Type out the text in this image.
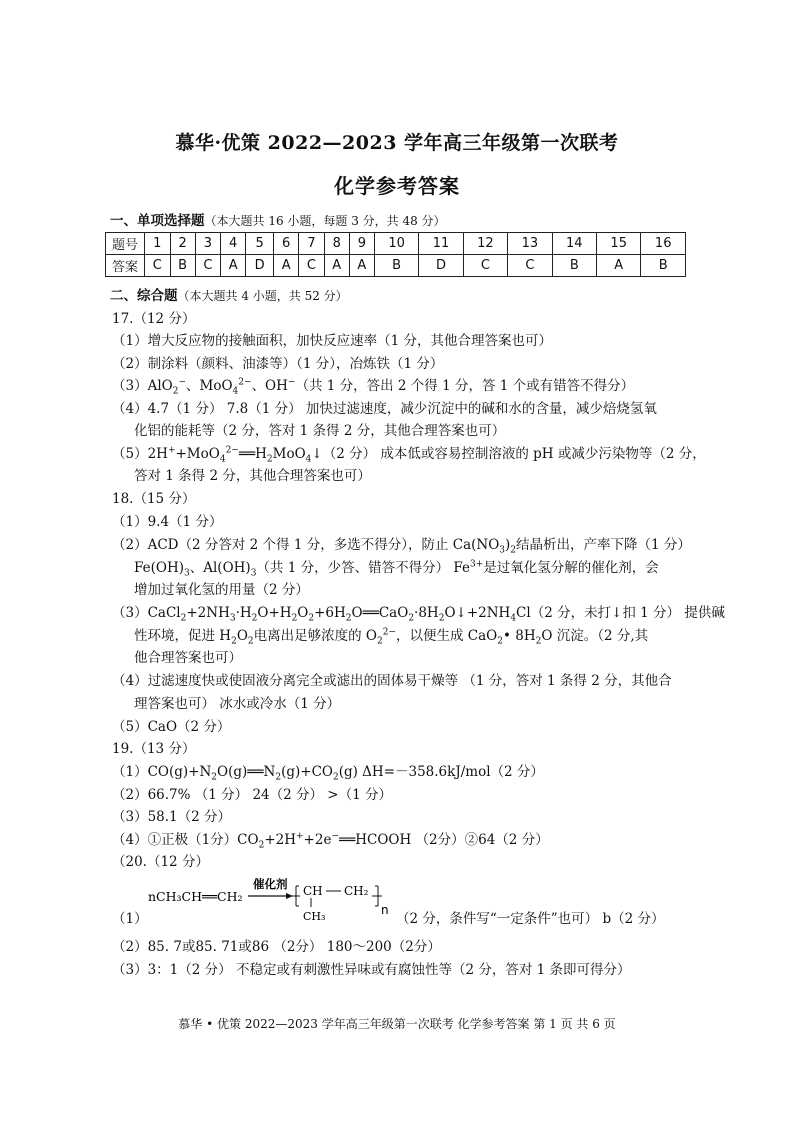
慕华·优策 2022—2023 学年高三年级第一次联考
化学参考答案
一、单项选择题（本大题共 16 小题，每题 3 分，共 48 分）
题号	1	2	3	4	5	6	7	8	9	10	11	12	13	14	15	16
答案	C	B	C	A	D	A	C	A	A	B	D	C	C	B	A	B
二、综合题（本大题共 4 小题，共 52 分）
17.（12 分）
（1）增大反应物的接触面积，加快反应速率（1 分，其他合理答案也可）
（2）制涂料（颜料、油漆等）（1 分），冶炼铁（1 分）
（3）AlO$_2$−、MoO$_4^{2-}$、OH−（共 1 分，答出 2 个得 1 分，答 1 个或有错答不得分）
（4）4.7（1 分） 7.8（1 分） 加快过滤速度，减少沉淀中的碱和水的含量，减少焙烧氢氧
化铝的能耗等（2 分，答对 1 条得 2 分，其他合理答案也可）
$(5)2H^++MoO_4^{2-}══H_2MoO_4↓(2$ 分） 成本低或容易控制溶液的 pH 或减少污染物等（2 分，
答对 1 条得 2 分，其他合理答案也可）
18.（15 分）
（1）9.4（1 分）
（2）ACD（2 分答对 2 个得 1 分，多选不得分），防止 $Ca(NO_3)_2$结晶析出，产率下降（1 分）
$Fe(OH)_3$、$Al(OH)_3$（共 1 分，少答、错答不得分） $Fe^{3+}$是过氧化氢分解的催化剂，会
增加过氧化氢的用量（2 分）
$(3)CaCl_2+2NH_3\cdot H_2O+H_2O_2+6H_2O══CaO_2\cdot 8H_2O↓+2NH_4Cl(2$ 分，未打↓扣 1 分） 提供碱
性环境，促进 $H_2O_2$电离出足够浓度的 $O_2^{2-}$，以便生成 CaO$_2$• $8H_2O$ 沉淀。（2 分,其
他合理答案也可）
（4）过滤速度快或使固液分离完全或滤出的固体易干燥等 （1 分，答对 1 条得 2 分，其他合
理答案也可） 冰水或冷水（1 分）
（5）CaO（2 分）
19.（13 分）
$(1)CO(g)+N_2O(g)══N_2(g)+CO_2(g)$ ΔH=－358.6kJ/mol（2 分）
（2）66.7% （1 分） 24（2 分） >（1 分）
（3）58.1（2 分）
（4）①正极（1分）$CO_2+2H^++2e^-══HCOOH$ （2分）②64（2 分）
（20.（12 分）
nCH₃CH══CH₂
催化剂 CH CH₂
CH₃	n
（1）	（2 分，条件写“一定条件”也可） b（2 分）
（2）85. 7或85. 71或86 （2分） 180～200（2分）
（3）3：1（2 分） 不稳定或有刺激性异味或有腐蚀性等（2 分，答对 1 条即可得分）
慕华 • 优策 2022—2023 学年高三年级第一次联考 化学参考答案 第 1 页 共 6 页
